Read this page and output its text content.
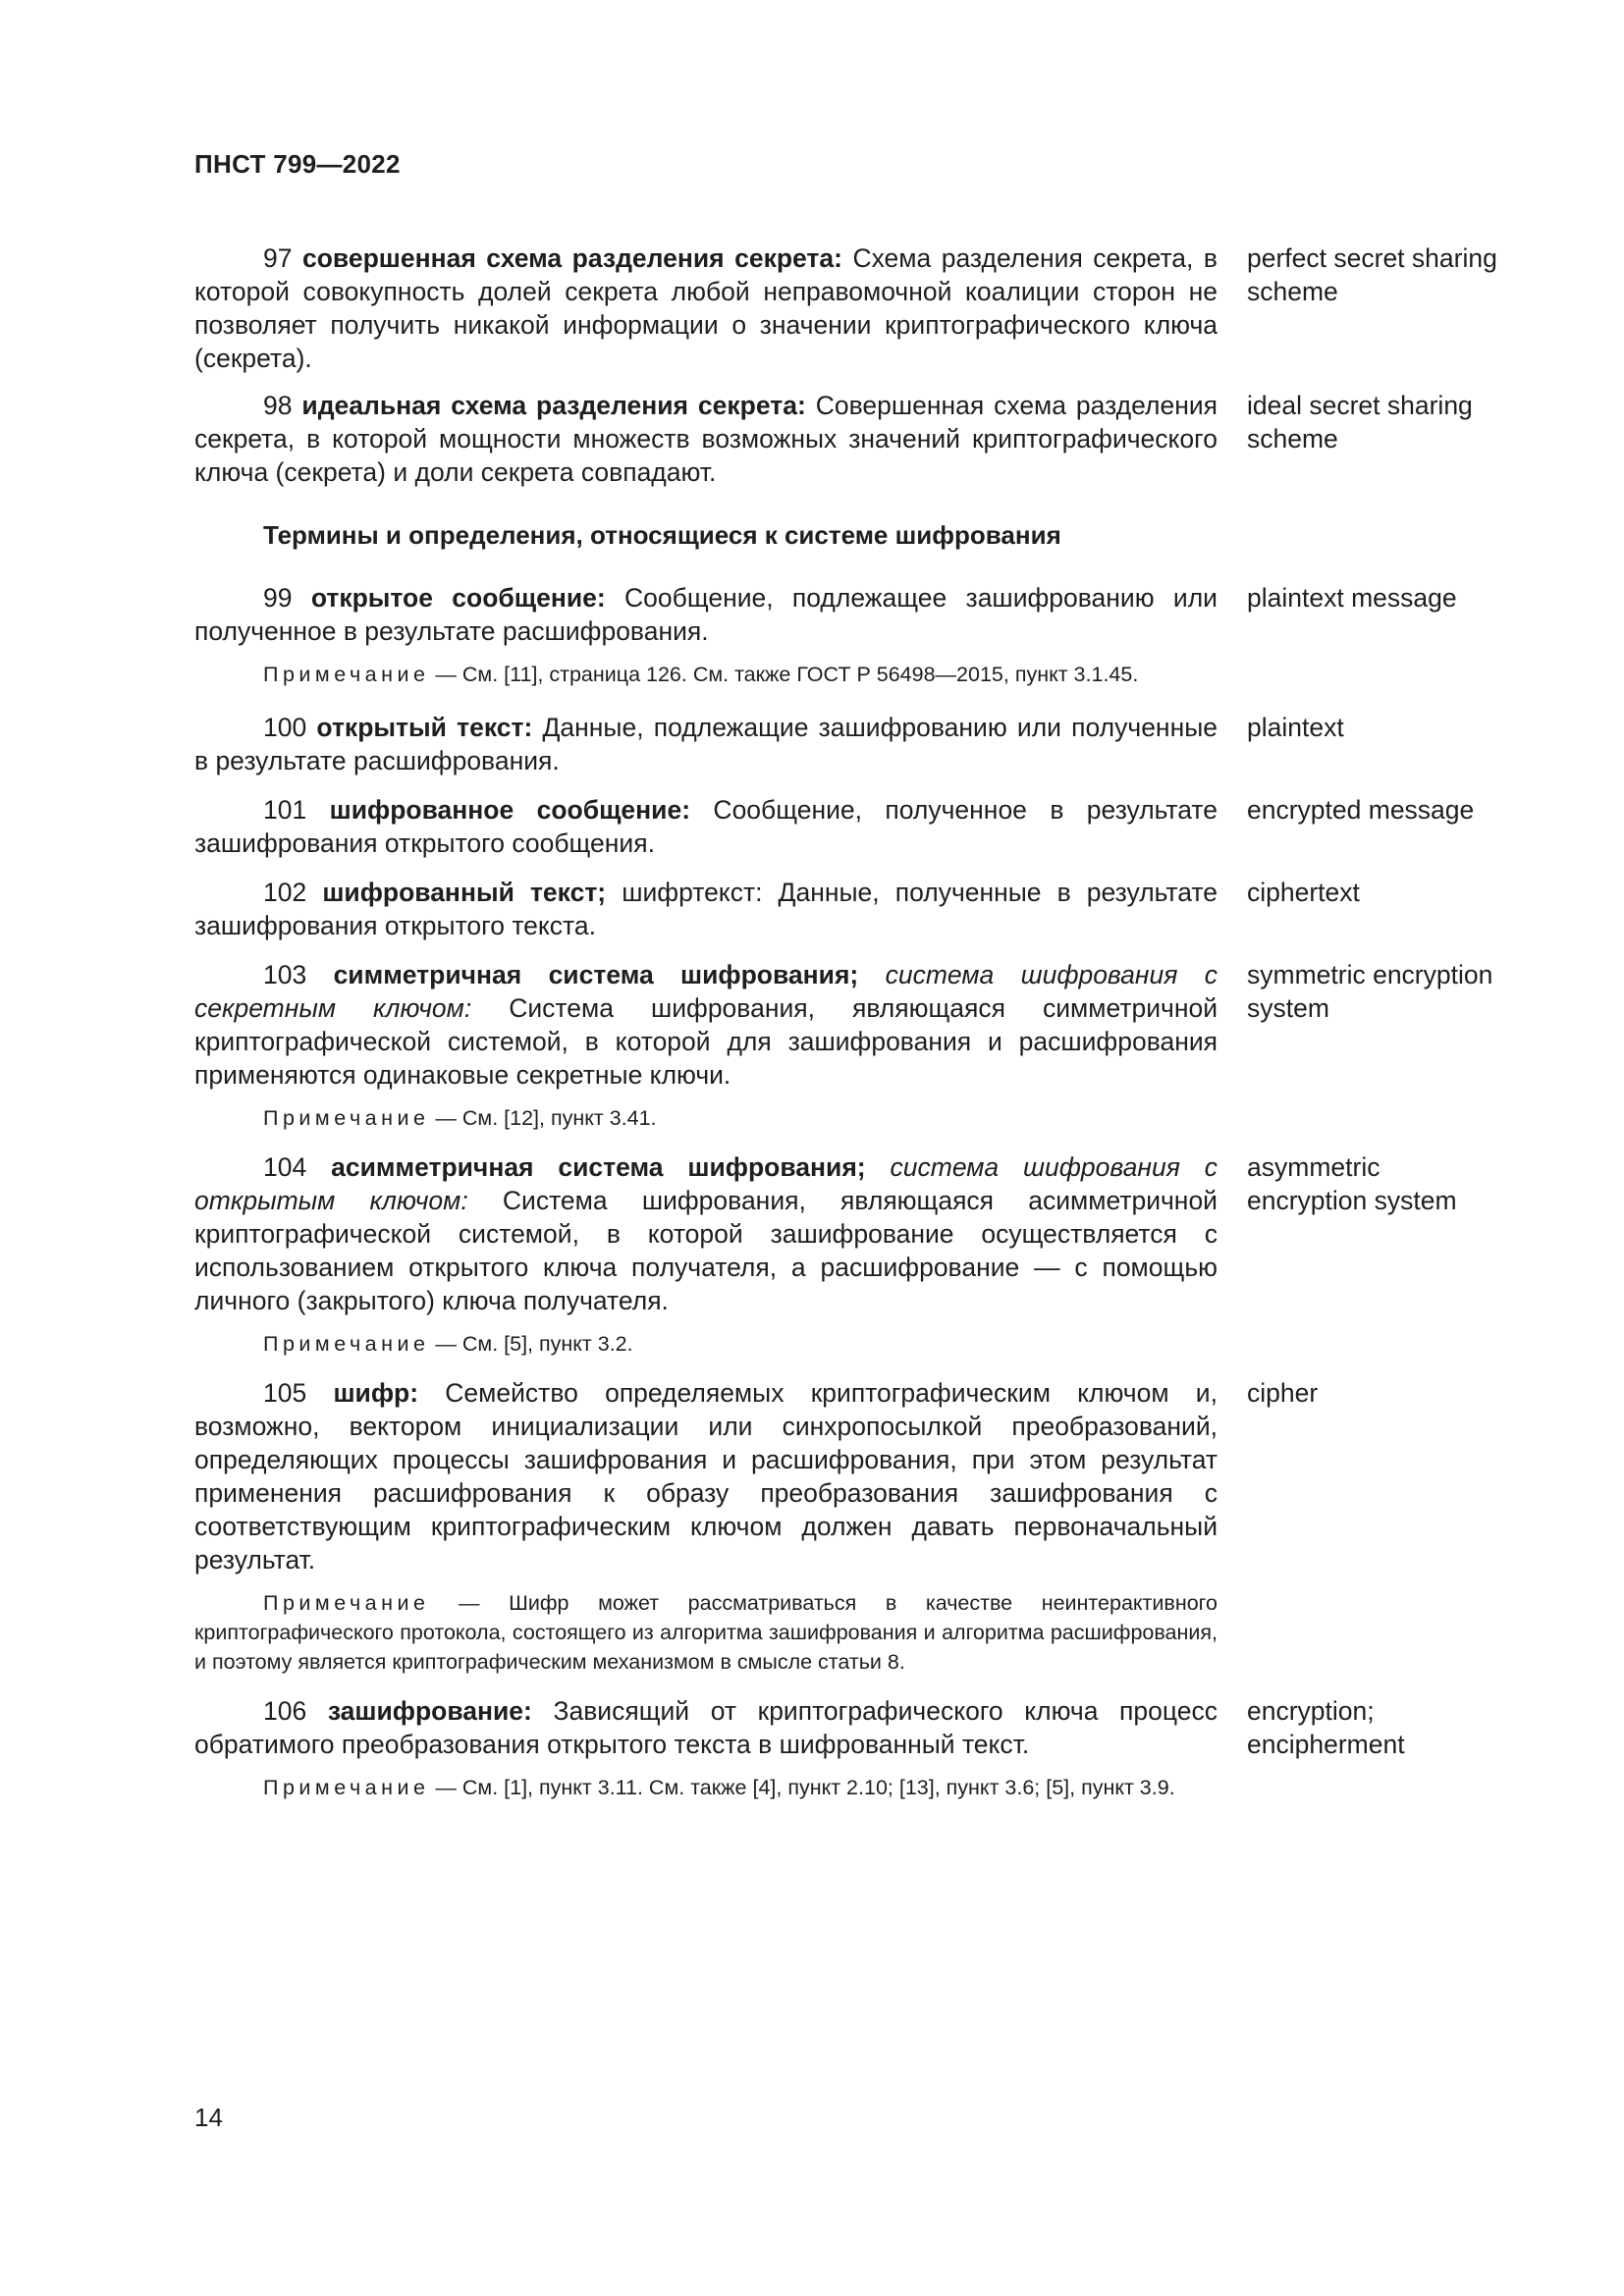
ПНСТ 799—2022

97 совершенная схема разделения секрета: Схема разделения секрета, в которой совокупность долей секрета любой неправомочной коалиции сторон не позволяет получить никакой информации о значении криптографического ключа (секрета).

perfect secret sharing
scheme

98 идеальная схема разделения секрета: Совершенная схема разделения секрета, в которой мощности множеств возможных значений криптографического ключа (секрета) и доли секрета совпадают.

ideal secret sharing
scheme

Термины и определения, относящиеся к системе шифрования

99 открытое сообщение: Сообщение, подлежащее зашифрованию или полученное в результате расшифрования.

plaintext message

Примечание — См. [11], страница 126. См. также ГОСТ Р 56498—2015, пункт 3.1.45.

100 открытый текст: Данные, подлежащие зашифрованию или полученные в результате расшифрования.

plaintext

101 шифрованное сообщение: Сообщение, полученное в результате зашифрования открытого сообщения.

encrypted message

102 шифрованный текст; шифртекст: Данные, полученные в результате зашифрования открытого текста.

ciphertext

103 симметричная система шифрования; система шифрования с секретным ключом: Система шифрования, являющаяся симметричной криптографической системой, в которой для зашифрования и расшифрования применяются одинаковые секретные ключи.

symmetric encryption
system

Примечание — См. [12], пункт 3.41.

104 асимметричная система шифрования; система шифрования с открытым ключом: Система шифрования, являющаяся асимметричной криптографической системой, в которой зашифрование осуществляется с использованием открытого ключа получателя, а расшифрование — с помощью личного (закрытого) ключа получателя.

asymmetric
encryption system

Примечание — См. [5], пункт 3.2.

105 шифр: Семейство определяемых криптографическим ключом и, возможно, вектором инициализации или синхропосылкой преобразований, определяющих процессы зашифрования и расшифрования, при этом результат применения расшифрования к образу преобразования зашифрования с соответствующим криптографическим ключом должен давать первоначальный результат.

cipher

Примечание — Шифр может рассматриваться в качестве неинтерактивного криптографического протокола, состоящего из алгоритма зашифрования и алгоритма расшифрования, и поэтому является криптографическим механизмом в смысле статьи 8.

106 зашифрование: Зависящий от криптографического ключа процесс обратимого преобразования открытого текста в шифрованный текст.

encryption;
encipherment

Примечание — См. [1], пункт 3.11. См. также [4], пункт 2.10; [13], пункт 3.6; [5], пункт 3.9.

14
